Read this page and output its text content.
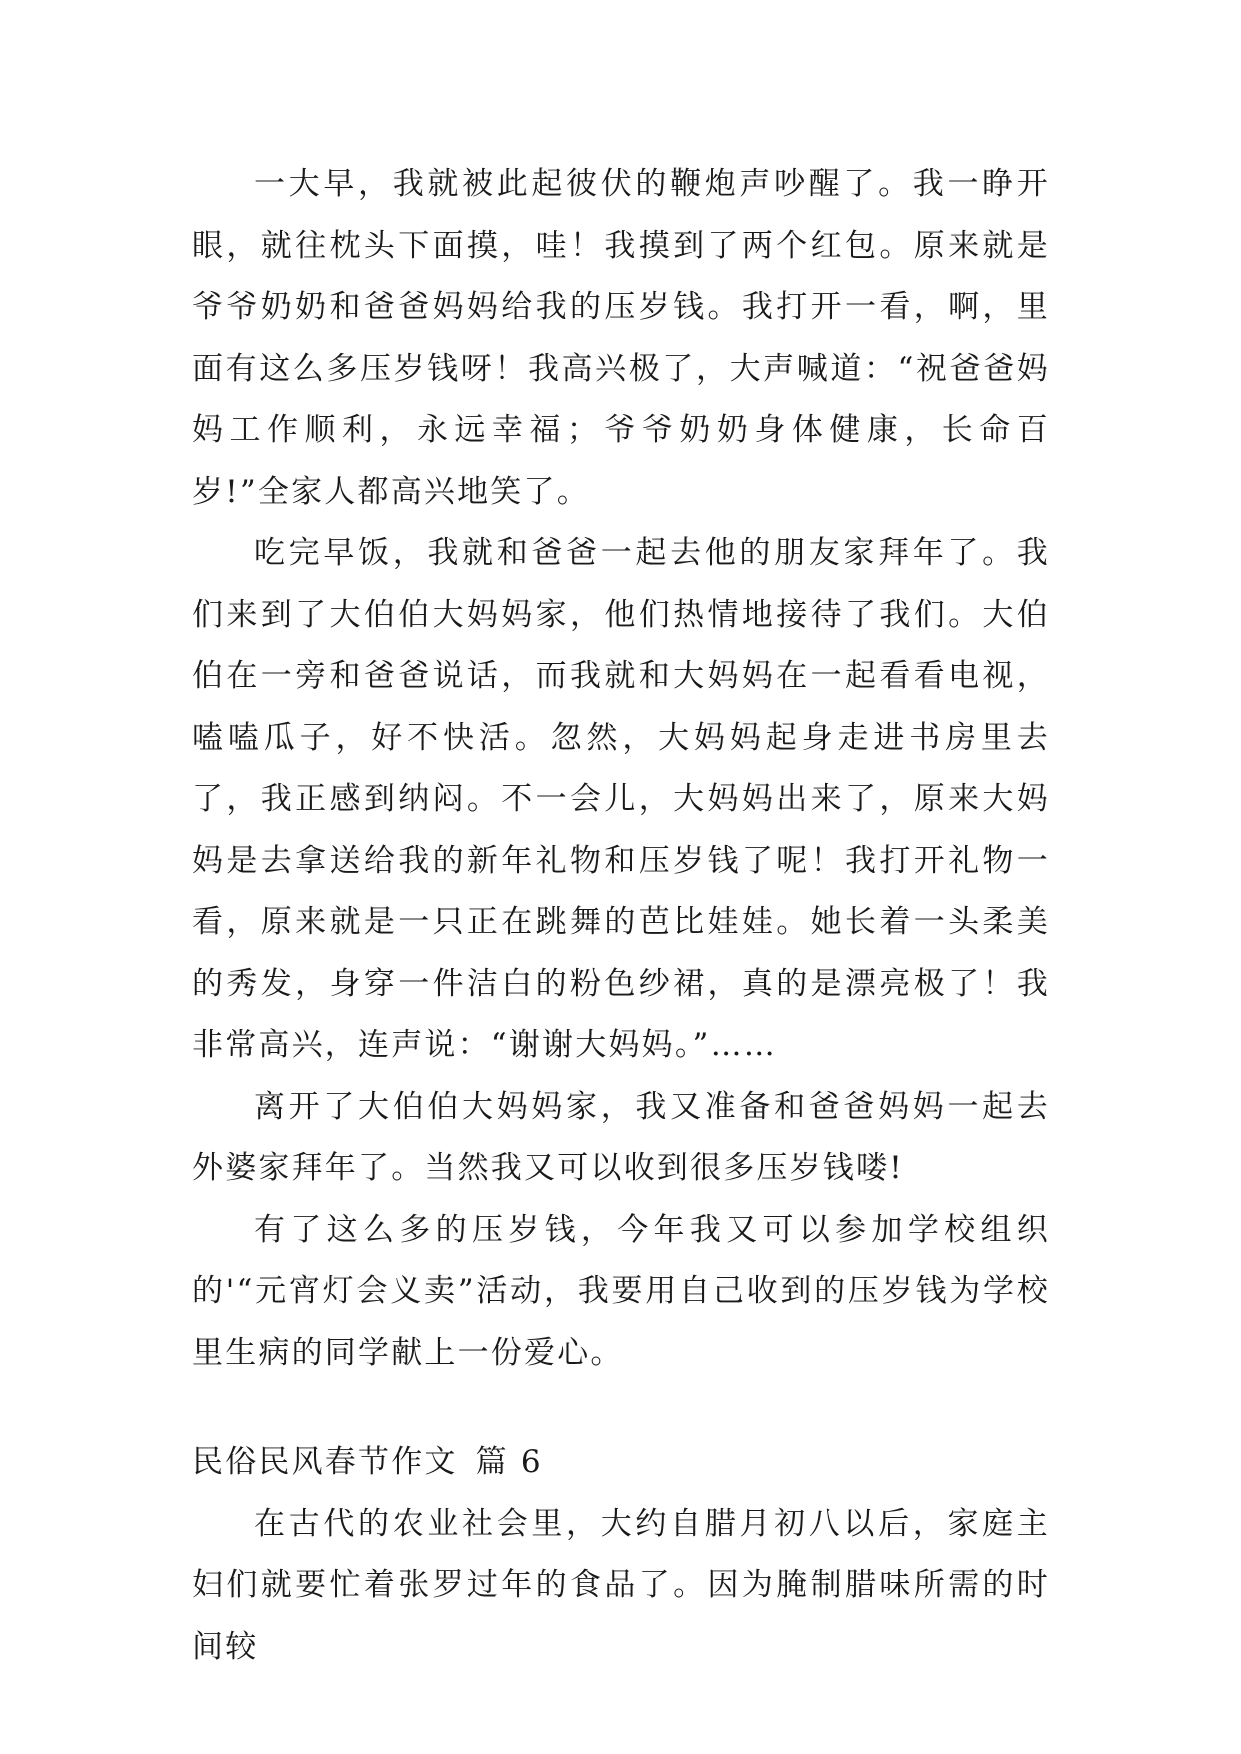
一大早，我就被此起彼伏的鞭炮声吵醒了。我一睁开眼，就往枕头下面摸，哇！我摸到了两个红包。原来就是爷爷奶奶和爸爸妈妈给我的压岁钱。我打开一看，啊，里面有这么多压岁钱呀！我高兴极了，大声喊道：“祝爸爸妈妈工作顺利，永远幸福；爷爷奶奶身体健康，长命百岁!”全家人都高兴地笑了。

吃完早饭，我就和爸爸一起去他的朋友家拜年了。我们来到了大伯伯大妈妈家，他们热情地接待了我们。大伯伯在一旁和爸爸说话，而我就和大妈妈在一起看看电视，嗑嗑瓜子，好不快活。忽然，大妈妈起身走进书房里去了，我正感到纳闷。不一会儿，大妈妈出来了，原来大妈妈是去拿送给我的新年礼物和压岁钱了呢！我打开礼物一看，原来就是一只正在跳舞的芭比娃娃。她长着一头柔美的秀发，身穿一件洁白的粉色纱裙，真的是漂亮极了！我非常高兴，连声说：“谢谢大妈妈。”……

离开了大伯伯大妈妈家，我又准备和爸爸妈妈一起去外婆家拜年了。当然我又可以收到很多压岁钱喽!

有了这么多的压岁钱，今年我又可以参加学校组织的'“元宵灯会义卖”活动，我要用自己收到的压岁钱为学校里生病的同学献上一份爱心。

民俗民风春节作文 篇 6

在古代的农业社会里，大约自腊月初八以后，家庭主妇们就要忙着张罗过年的食品了。因为腌制腊味所需的时间较
